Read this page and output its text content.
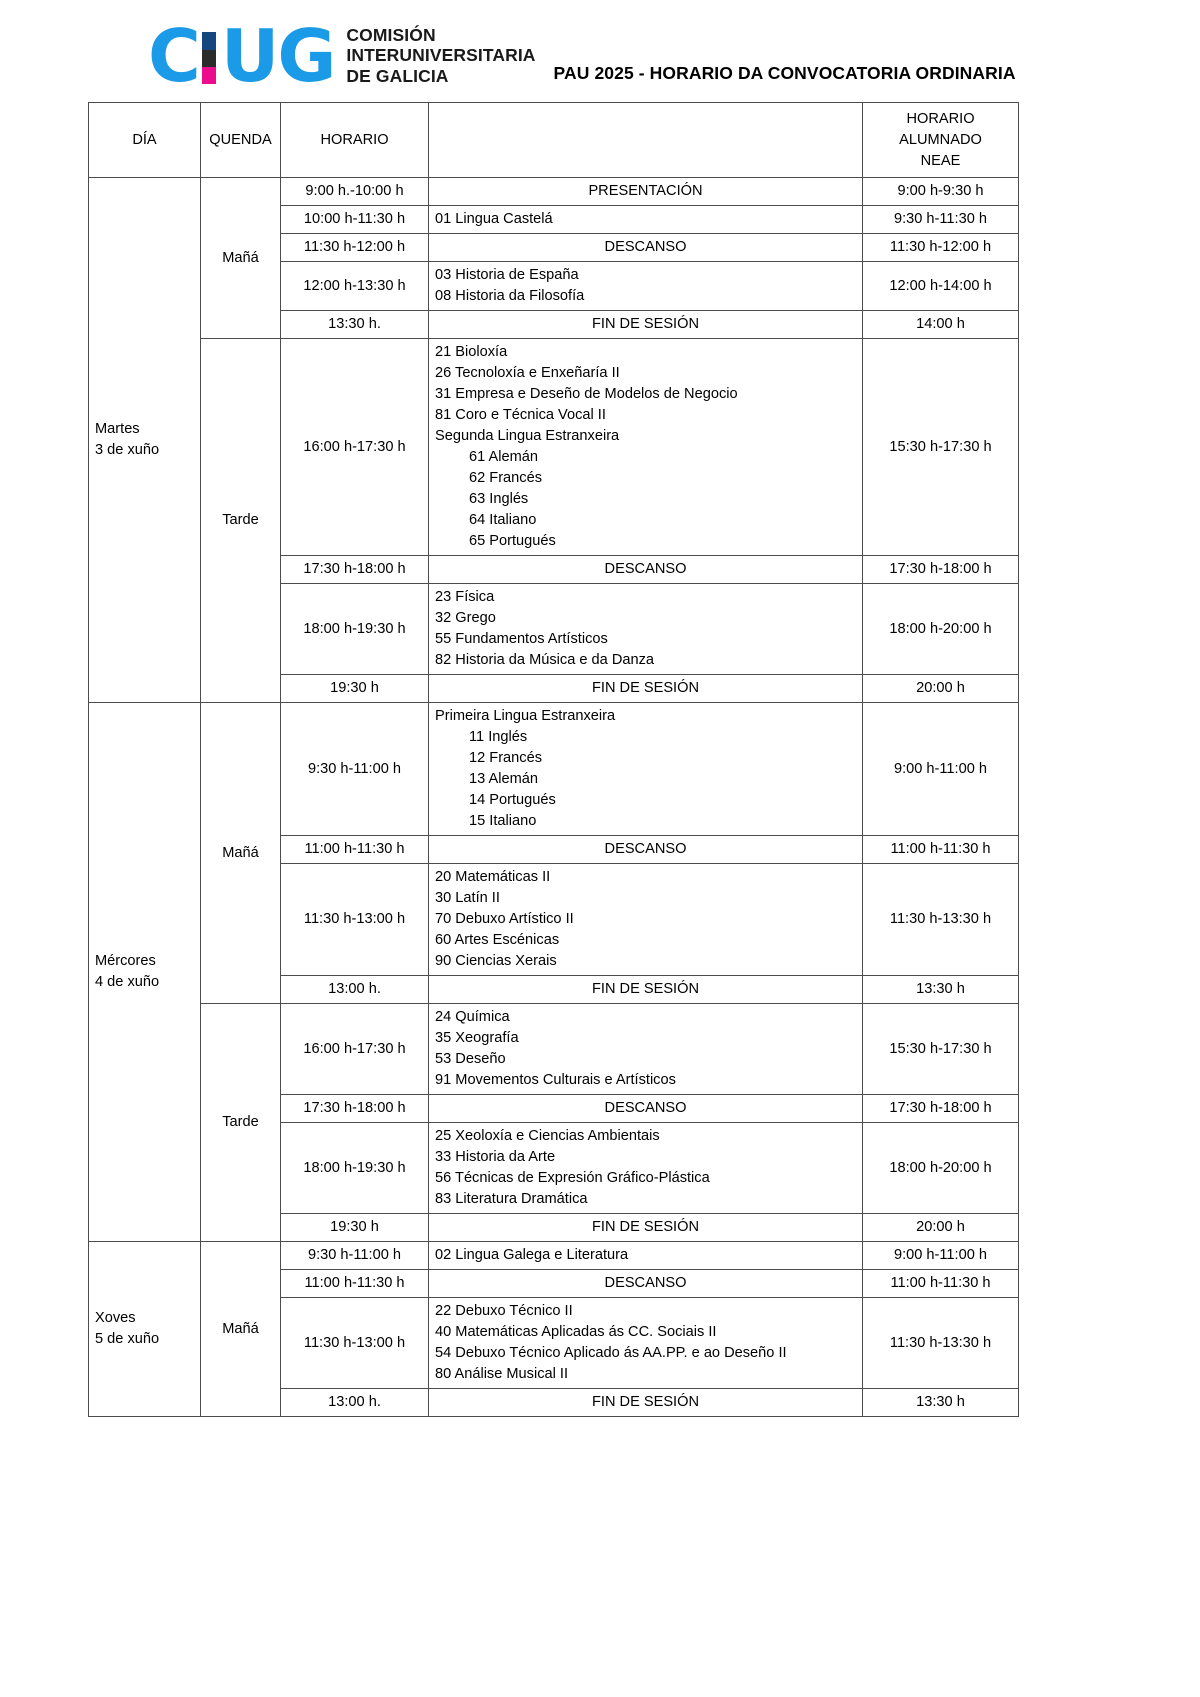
C U G COMISIÓN
INTERUNIVERSITARIA
DE GALICIA	PAU 2025 - HORARIO DA CONVOCATORIA ORDINARIA
DÍA	QUENDA	HORARIO		HORARIO
ALUMNADO
NEAE

Martes
3 de xuño	Mañá	9:00 h.-10:00 h	PRESENTACIÓN	9:00 h-9:30 h
		10:00 h-11:30 h	01 Lingua Castelá	9:30 h-11:30 h
		11:30 h-12:00 h	DESCANSO	11:30 h-12:00 h
		12:00 h-13:30 h	03 Historia de España
08 Historia da Filosofía	12:00 h-14:00 h
		13:30 h.	FIN DE SESIÓN	14:00 h
Tarde	16:00 h-17:30 h	
21 Bioloxía
26 Tecnoloxía e Enxeñaría II
31 Empresa e Deseño de Modelos de Negocio
81 Coro e Técnica Vocal II
Segunda Lingua Estranxeira
61 Alemán
62 Francés
63 Inglés
64 Italiano
65 Portugués
	15:30 h-17:30 h
		17:30 h-18:00 h	DESCANSO	17:30 h-18:00 h
		18:00 h-19:30 h	23 Física
32 Grego
55 Fundamentos Artísticos
82 Historia da Música e da Danza	18:00 h-20:00 h
		19:30 h	FIN DE SESIÓN	20:00 h

Mércores
4 de xuño
	Mañá	9:30 h-11:00 h	
Primeira Lingua Estranxeira
11 Inglés
12 Francés
13 Alemán
14 Portugués
15 Italiano
	9:00 h-11:00 h
		11:00 h-11:30 h	DESCANSO	11:00 h-11:30 h
		11:30 h-13:00 h	20 Matemáticas II
30 Latín II
70 Debuxo Artístico II
60 Artes Escénicas
90 Ciencias Xerais	11:30 h-13:30 h
		13:00 h.	FIN DE SESIÓN	13:30 h
	Tarde	16:00 h-17:30 h	24 Química
35 Xeografía
53 Deseño
91 Movementos Culturais e Artísticos	15:30 h-17:30 h
		17:30 h-18:00 h	DESCANSO	17:30 h-18:00 h
		18:00 h-19:30 h	25 Xeoloxía e Ciencias Ambientais
33 Historia da Arte
56 Técnicas de Expresión Gráfico-Plástica
83 Literatura Dramática	18:00 h-20:00 h
		19:30 h	FIN DE SESIÓN	20:00 h

Xoves
5 de xuño	Mañá	9:30 h-11:00 h	02 Lingua Galega e Literatura	9:00 h-11:00 h
		11:00 h-11:30 h	DESCANSO	11:00 h-11:30 h
		11:30 h-13:00 h	22 Debuxo Técnico II
40 Matemáticas Aplicadas ás CC. Sociais II
54 Debuxo Técnico Aplicado ás AA.PP. e ao Deseño II
80 Análise Musical II	11:30 h-13:30 h
		13:00 h.	FIN DE SESIÓN	13:30 h
